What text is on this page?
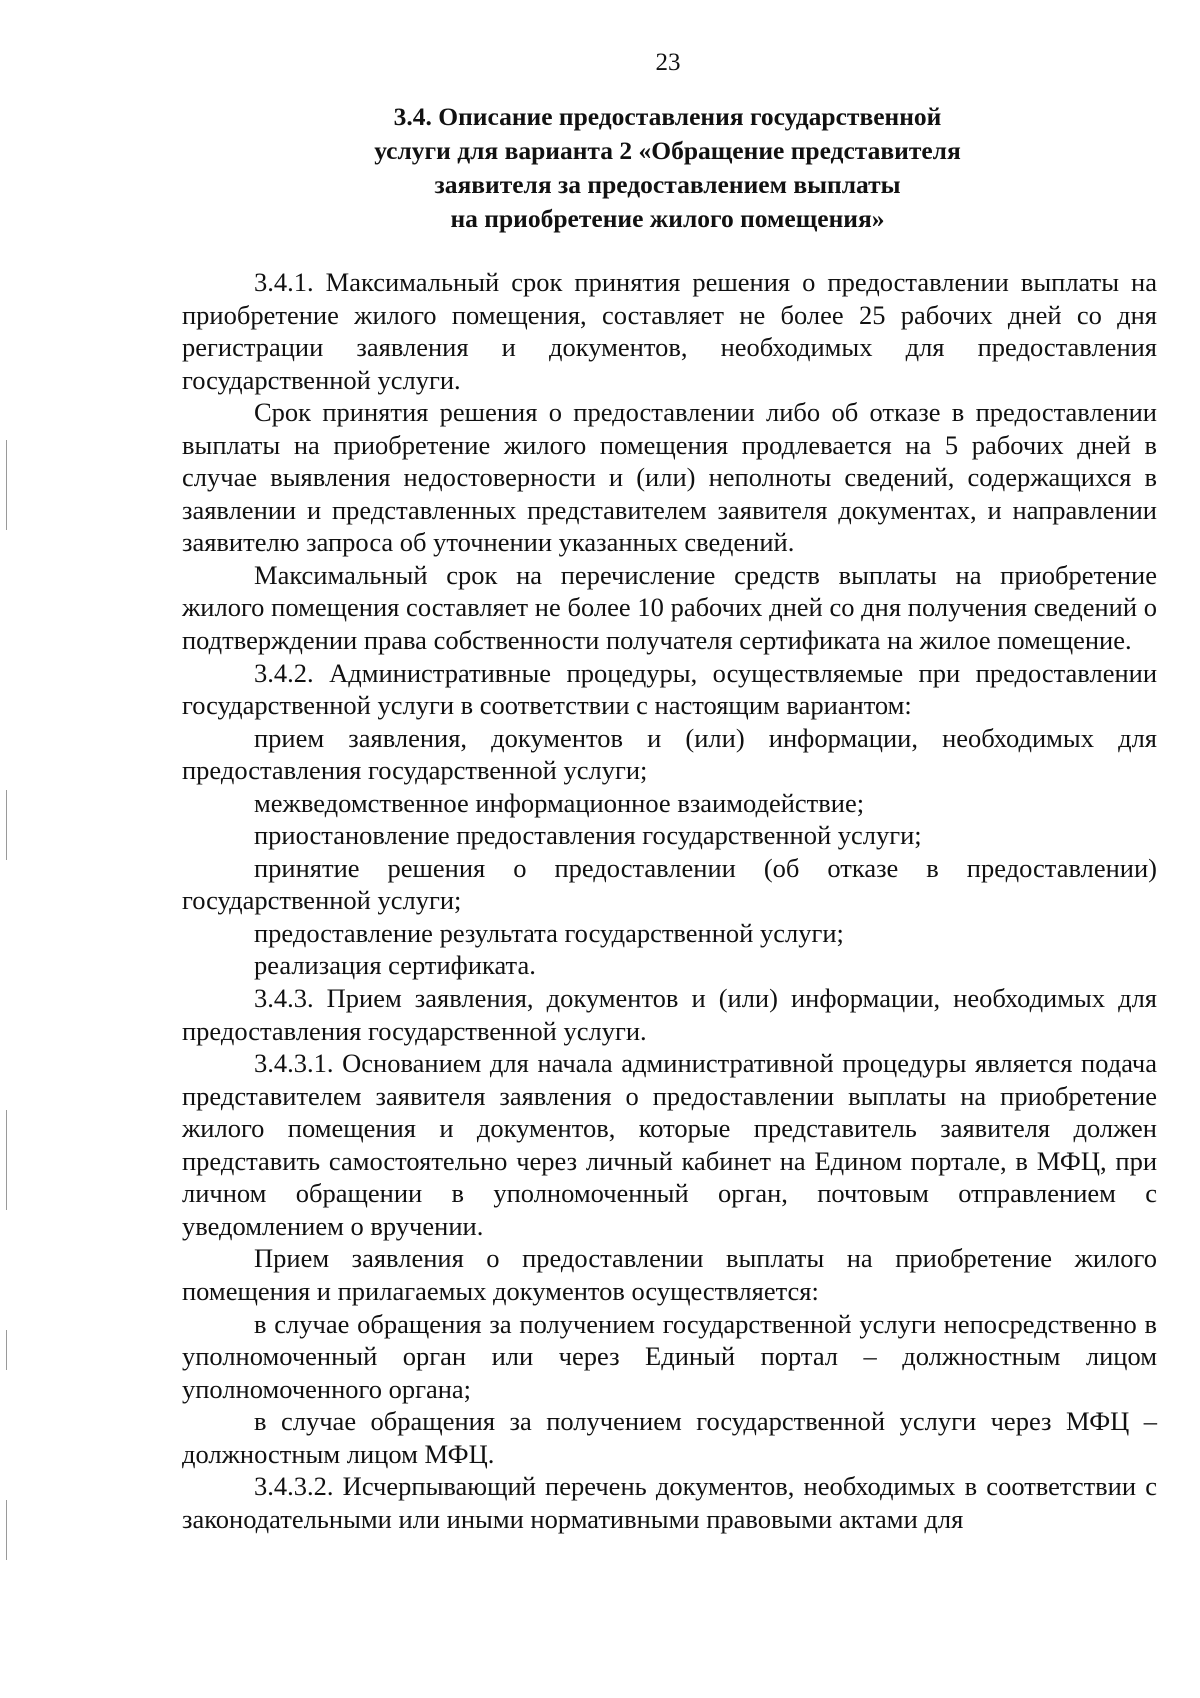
23
3.4. Описание предоставления государственной
услуги для варианта 2 «Обращение представителя
заявителя за предоставлением выплаты
на приобретение жилого помещения»

3.4.1. Максимальный срок принятия решения о предоставлении выплаты на приобретение жилого помещения, составляет не более 25 рабочих дней со дня регистрации заявления и документов, необходимых для предоставления государственной услуги.

Срок принятия решения о предоставлении либо об отказе в предоставлении выплаты на приобретение жилого помещения продлевается на 5 рабочих дней в случае выявления недостоверности и (или) неполноты сведений, содержащихся в заявлении и представленных представителем заявителя документах, и направлении заявителю запроса об уточнении указанных сведений.

Максимальный срок на перечисление средств выплаты на приобретение жилого помещения составляет не более 10 рабочих дней со дня получения сведений о подтверждении права собственности получателя сертификата на жилое помещение.

3.4.2. Административные процедуры, осуществляемые при предоставлении государственной услуги в соответствии с настоящим вариантом:

прием заявления, документов и (или) информации, необходимых для предоставления государственной услуги;

межведомственное информационное взаимодействие;

приостановление предоставления государственной услуги;

принятие решения о предоставлении (об отказе в предоставлении) государственной услуги;

предоставление результата государственной услуги;

реализация сертификата.

3.4.3. Прием заявления, документов и (или) информации, необходимых для предоставления государственной услуги.

3.4.3.1. Основанием для начала административной процедуры является подача представителем заявителя заявления о предоставлении выплаты на приобретение жилого помещения и документов, которые представитель заявителя должен представить самостоятельно через личный кабинет на Едином портале, в МФЦ, при личном обращении в уполномоченный орган, почтовым отправлением с уведомлением о вручении.

Прием заявления о предоставлении выплаты на приобретение жилого помещения и прилагаемых документов осуществляется:

в случае обращения за получением государственной услуги непосредственно в уполномоченный орган или через Единый портал – должностным лицом уполномоченного органа;

в случае обращения за получением государственной услуги через МФЦ – должностным лицом МФЦ.

3.4.3.2. Исчерпывающий перечень документов, необходимых в соответствии с законодательными или иными нормативными правовыми актами для
